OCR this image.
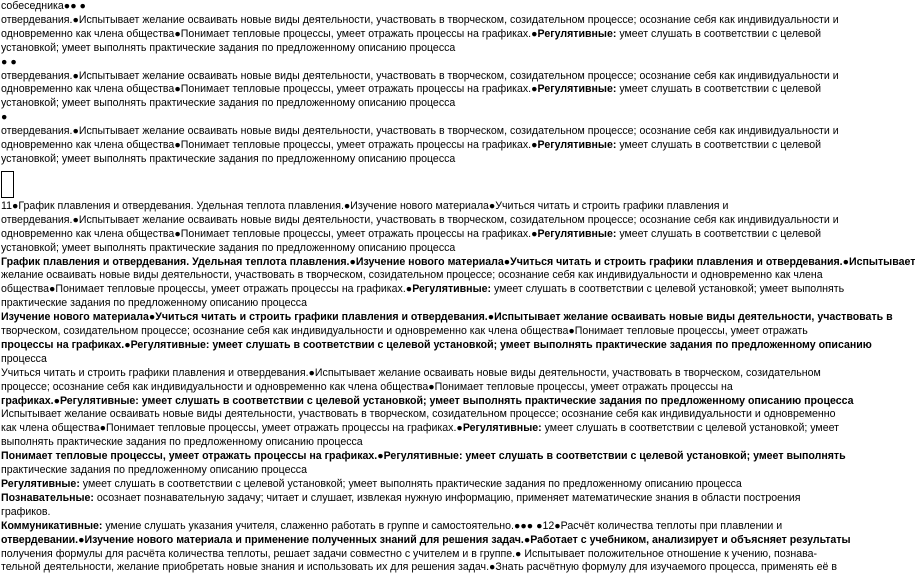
собеседника●● ●
отвердевания.●Испытывает желание осваивать новые виды деятельности, участвовать в творческом, созидательном процессе; осознание себя как индивидуальности и
одновременно как члена общества●Понимает тепловые процессы, умеет отражать процессы на графиках.●Регулятивные: умеет слушать в соответствии с целевой
установкой; умеет выполнять практические задания по предложенному описанию процесса
● ●
отвердевания.●Испытывает желание осваивать новые виды деятельности, участвовать в творческом, созидательном процессе; осознание себя как индивидуальности и
одновременно как члена общества●Понимает тепловые процессы, умеет отражать процессы на графиках.●Регулятивные: умеет слушать в соответствии с целевой
установкой; умеет выполнять практические задания по предложенному описанию процесса
●
отвердевания.●Испытывает желание осваивать новые виды деятельности, участвовать в творческом, созидательном процессе; осознание себя как индивидуальности и
одновременно как члена общества●Понимает тепловые процессы, умеет отражать процессы на графиках.●Регулятивные: умеет слушать в соответствии с целевой
установкой; умеет выполнять практические задания по предложенному описанию процесса
11●График плавления и отвердевания. Удельная теплота плавления.●Изучение нового материала●Учиться читать и строить графики плавления и
отвердевания.●Испытывает желание осваивать новые виды деятельности, участвовать в творческом, созидательном процессе; осознание себя как индивидуальности и
одновременно как члена общества●Понимает тепловые процессы, умеет отражать процессы на графиках.●Регулятивные: умеет слушать в соответствии с целевой
установкой; умеет выполнять практические задания по предложенному описанию процесса
График плавления и отвердевания. Удельная теплота плавления.●Изучение нового материала●Учиться читать и строить графики плавления и отвердевания.●Испытывает
желание осваивать новые виды деятельности, участвовать в творческом, созидательном процессе; осознание себя как индивидуальности и одновременно как члена
общества●Понимает тепловые процессы, умеет отражать процессы на графиках.●Регулятивные: умеет слушать в соответствии с целевой установкой; умеет выполнять
практические задания по предложенному описанию процесса
Изучение нового материала●Учиться читать и строить графики плавления и отвердевания.●Испытывает желание осваивать новые виды деятельности, участвовать в
творческом, созидательном процессе; осознание себя как индивидуальности и одновременно как члена общества●Понимает тепловые процессы, умеет отражать
процессы на графиках.●Регулятивные: умеет слушать в соответствии с целевой установкой; умеет выполнять практические задания по предложенному описанию
процесса
Учиться читать и строить графики плавления и отвердевания.●Испытывает желание осваивать новые виды деятельности, участвовать в творческом, созидательном
процессе; осознание себя как индивидуальности и одновременно как члена общества●Понимает тепловые процессы, умеет отражать процессы на
графиках.●Регулятивные: умеет слушать в соответствии с целевой установкой; умеет выполнять практические задания по предложенному описанию процесса
Испытывает желание осваивать новые виды деятельности, участвовать в творческом, созидательном процессе; осознание себя как индивидуальности и одновременно
как члена общества●Понимает тепловые процессы, умеет отражать процессы на графиках.●Регулятивные: умеет слушать в соответствии с целевой установкой; умеет
выполнять практические задания по предложенному описанию процесса
Понимает тепловые процессы, умеет отражать процессы на графиках.●Регулятивные: умеет слушать в соответствии с целевой установкой; умеет выполнять
практические задания по предложенному описанию процесса
Регулятивные: умеет слушать в соответствии с целевой установкой; умеет выполнять практические задания по предложенному описанию процесса
Познавательные: осознает познавательную задачу; читает и слушает, извлекая нужную информацию, применяет математические знания в области построения
графиков.
Коммуникативные: умение слушать указания учителя, слаженно работать в группе и самостоятельно.●●● ●12●Расчёт количества теплоты при плавлении и
отвердевании.●Изучение нового материала и применение полученных знаний для решения задач.●Работает с учебником, анализирует и объясняет результаты
получения формулы для расчёта количества теплоты, решает задачи совместно с учителем и в группе.● Испытывает положительное отношение к учению, познава-
тельной деятельности, желание приобретать новые знания и использовать их для решения задач.●Знать расчётную формулу для изучаемого процесса, применять её в
